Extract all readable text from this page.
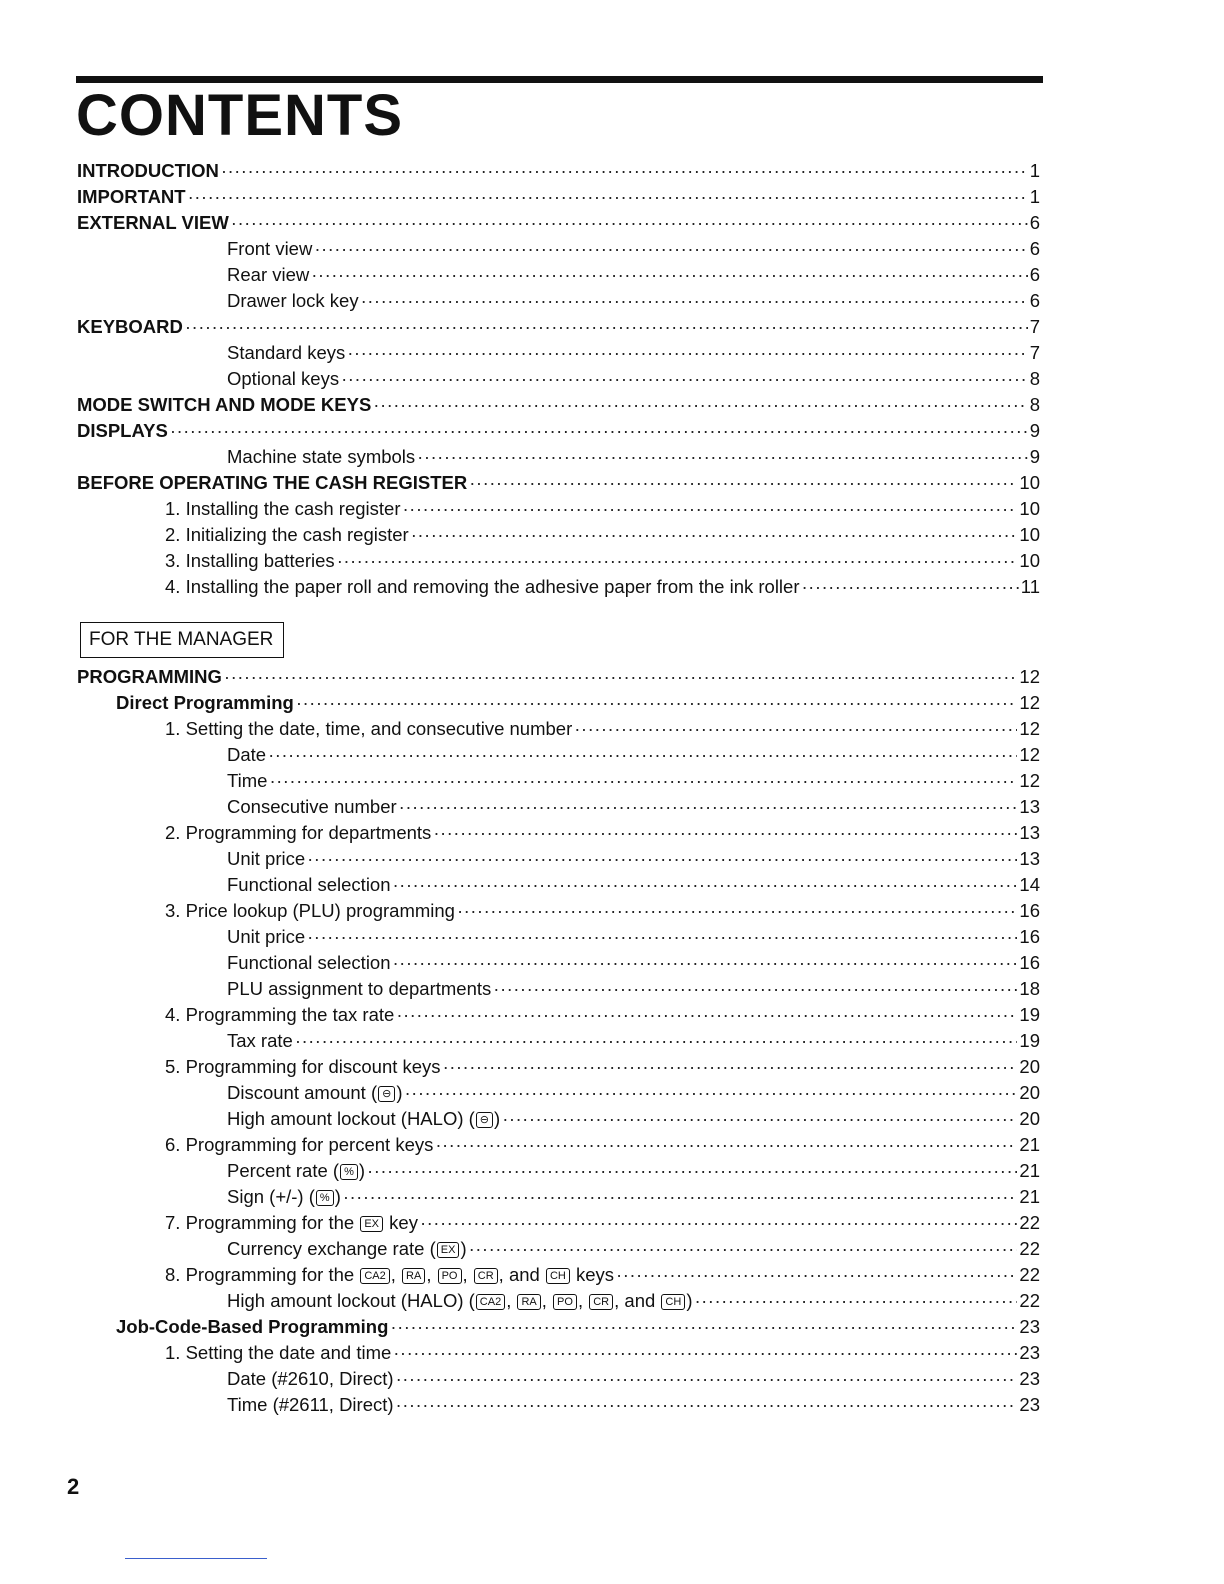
CONTENTS
INTRODUCTION ·····	1
IMPORTANT ·····	1
EXTERNAL VIEW ·····	6
Front view ·····	6
Rear view ·····	6
Drawer lock key ·····	6
KEYBOARD ·····	7
Standard keys ·····	7
Optional keys ·····	8
MODE SWITCH AND MODE KEYS ·····	8
DISPLAYS ·····	9
Machine state symbols ·····	9
BEFORE OPERATING THE CASH REGISTER ·····	10
1. Installing the cash register ·····	10
2. Initializing the cash register ·····	10
3. Installing batteries ·····	10
4. Installing the paper roll and removing the adhesive paper from the ink roller ·····	11
FOR THE MANAGER
PROGRAMMING ·····	12
Direct Programming ·····	12
1. Setting the date, time, and consecutive number ·····	12
Date ·····	12
Time ·····	12
Consecutive number ·····	13
2. Programming for departments ·····	13
Unit price ·····	13
Functional selection ·····	14
3. Price lookup (PLU) programming ·····	16
Unit price ·····	16
Functional selection ·····	16
PLU assignment to departments ·····	18
4. Programming the tax rate ·····	19
Tax rate ·····	19
5. Programming for discount keys ·····	20
Discount amount ( ⊖ ) ·····	20
High amount lockout (HALO) ( ⊖ ) ·····	20
6. Programming for percent keys ·····	21
Percent rate ( % ) ·····	21
Sign (+/-) ( % ) ·····	21
7. Programming for the EX key ·····	22
Currency exchange rate ( EX ) ·····	22
8. Programming for the CA2 , RA , PO , CR , and CH keys ·····	22
High amount lockout (HALO) ( CA2 , RA , PO , CR , and CH ) ·····	22
Job-Code-Based Programming ·····	23
1. Setting the date and time ·····	23
Date (#2610, Direct) ·····	23
Time (#2611, Direct) ·····	23
2
